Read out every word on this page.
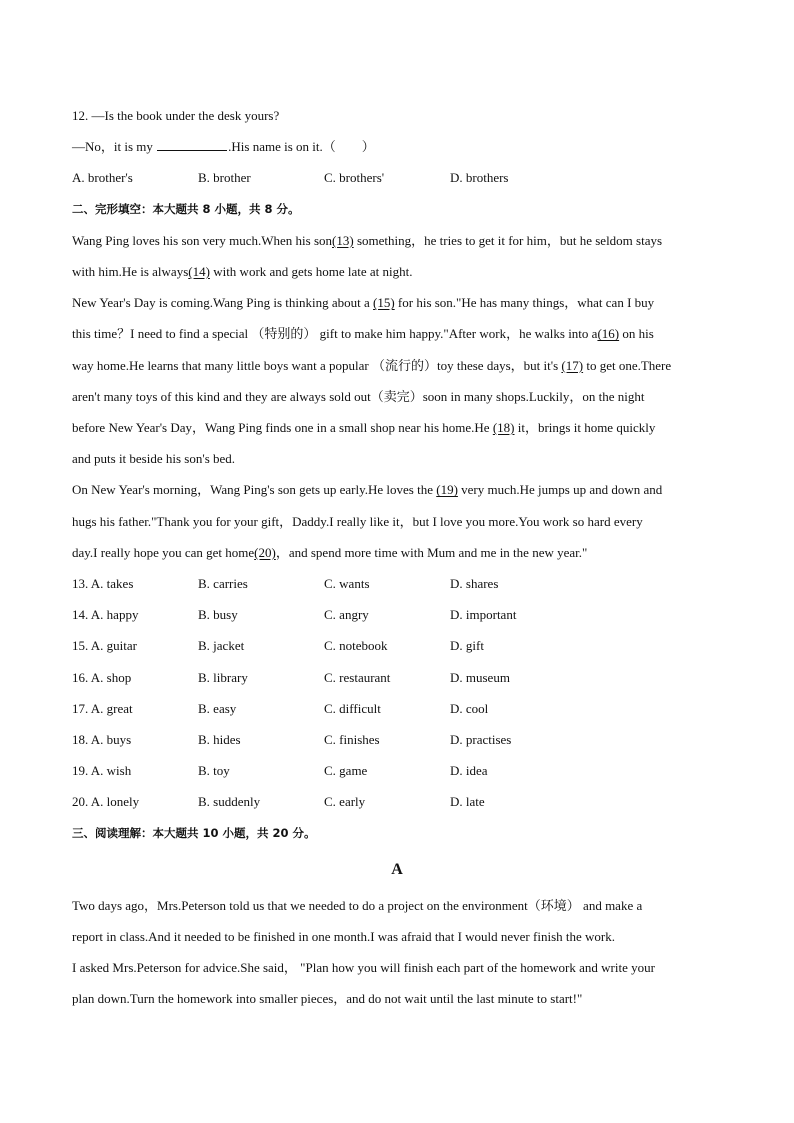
12. —Is the book under the desk yours?
—No，it is my	.His name is on it.（　　）
A. brother's	B. brother	C. brothers'	D. brothers
二、完形填空：本大题共 8 小题，共 8 分。
Wang Ping loves his son very much.When his son(13) something，he tries to get it for him，but he seldom stays
with him.He is always(14) with work and gets home late at night.
New Year's Day is coming.Wang Ping is thinking about a (15) for his son."He has many things，what can I buy
this time？I need to find a special （特别的） gift to make him happy."After work，he walks into a(16) on his
way home.He learns that many little boys want a popular （流行的）toy these days，but it's (17) to get one.There
aren't many toys of this kind and they are always sold out（卖完）soon in many shops.Luckily，on the night
before New Year's Day，Wang Ping finds one in a small shop near his home.He (18) it，brings it home quickly
and puts it beside his son's bed.
On New Year's morning，Wang Ping's son gets up early.He loves the (19) very much.He jumps up and down and
hugs his father."Thank you for your gift，Daddy.I really like it，but I love you more.You work so hard every
day.I really hope you can get home(20)，and spend more time with Mum and me in the new year."
13. A. takes	B. carries	C. wants	D. shares
14. A. happy	B. busy	C. angry	D. important
15. A. guitar	B. jacket	C. notebook	D. gift
16. A. shop	B. library	C. restaurant	D. museum
17. A. great	B. easy	C. difficult	D. cool
18. A. buys	B. hides	C. finishes	D. practises
19. A. wish	B. toy	C. game	D. idea
20. A. lonely	B. suddenly	C. early	D. late
三、阅读理解：本大题共 10 小题，共 20 分。
A
Two days ago，Mrs.Peterson told us that we needed to do a project on the environment（环境） and make a
report in class.And it needed to be finished in one month.I was afraid that I would never finish the work.
I asked Mrs.Peterson for advice.She said， "Plan how you will finish each part of the homework and write your
plan down.Turn the homework into smaller pieces，and do not wait until the last minute to start!"
